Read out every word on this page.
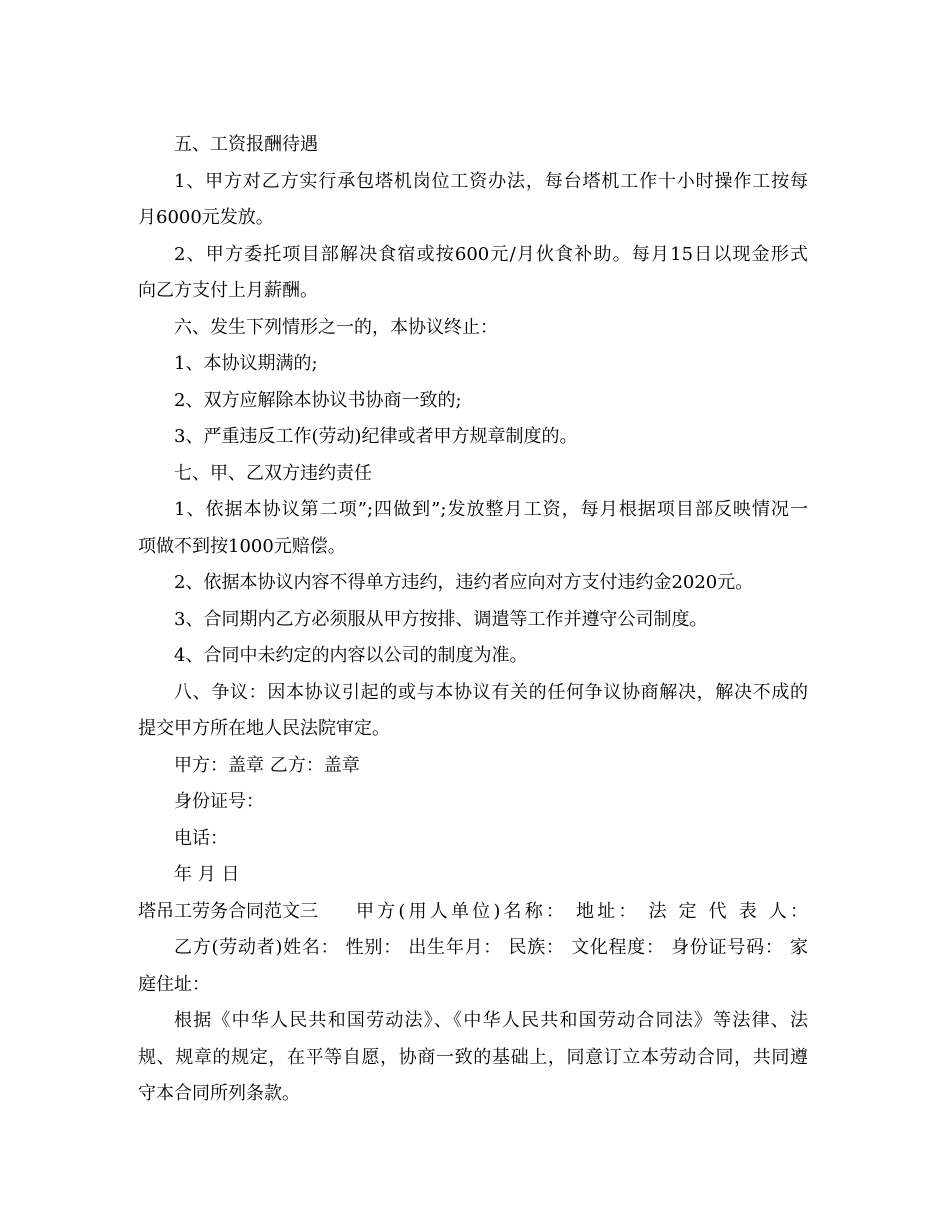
五、工资报酬待遇
1、甲方对乙方实行承包塔机岗位工资办法，每台塔机工作十小时操作工按每
月6000元发放。
2、甲方委托项目部解决食宿或按600元/月伙食补助。每月15日以现金形式
向乙方支付上月薪酬。
六、发生下列情形之一的，本协议终止：
1、本协议期满的;
2、双方应解除本协议书协商一致的;
3、严重违反工作(劳动)纪律或者甲方规章制度的。
七、甲、乙双方违约责任
1、依据本协议第二项”;四做到”;发放整月工资，每月根据项目部反映情况一
项做不到按1000元赔偿。
2、依据本协议内容不得单方违约，违约者应向对方支付违约金2020元。
3、合同期内乙方必须服从甲方按排、调遣等工作并遵守公司制度。
4、合同中未约定的内容以公司的制度为准。
八、争议：因本协议引起的或与本协议有关的任何争议协商解决，解决不成的
提交甲方所在地人民法院审定。
甲方：盖章 乙方：盖章
身份证号：
电话：
年 月 日
塔吊工劳务合同范文三 甲方(用人单位)名称： 地址： 法 定 代 表 人：
乙方(劳动者)姓名： 性别： 出生年月： 民族： 文化程度： 身份证号码： 家
庭住址：
根据《中华人民共和国劳动法》、《中华人民共和国劳动合同法》等法律、法
规、规章的规定，在平等自愿，协商一致的基础上，同意订立本劳动合同，共同遵
守本合同所列条款。
